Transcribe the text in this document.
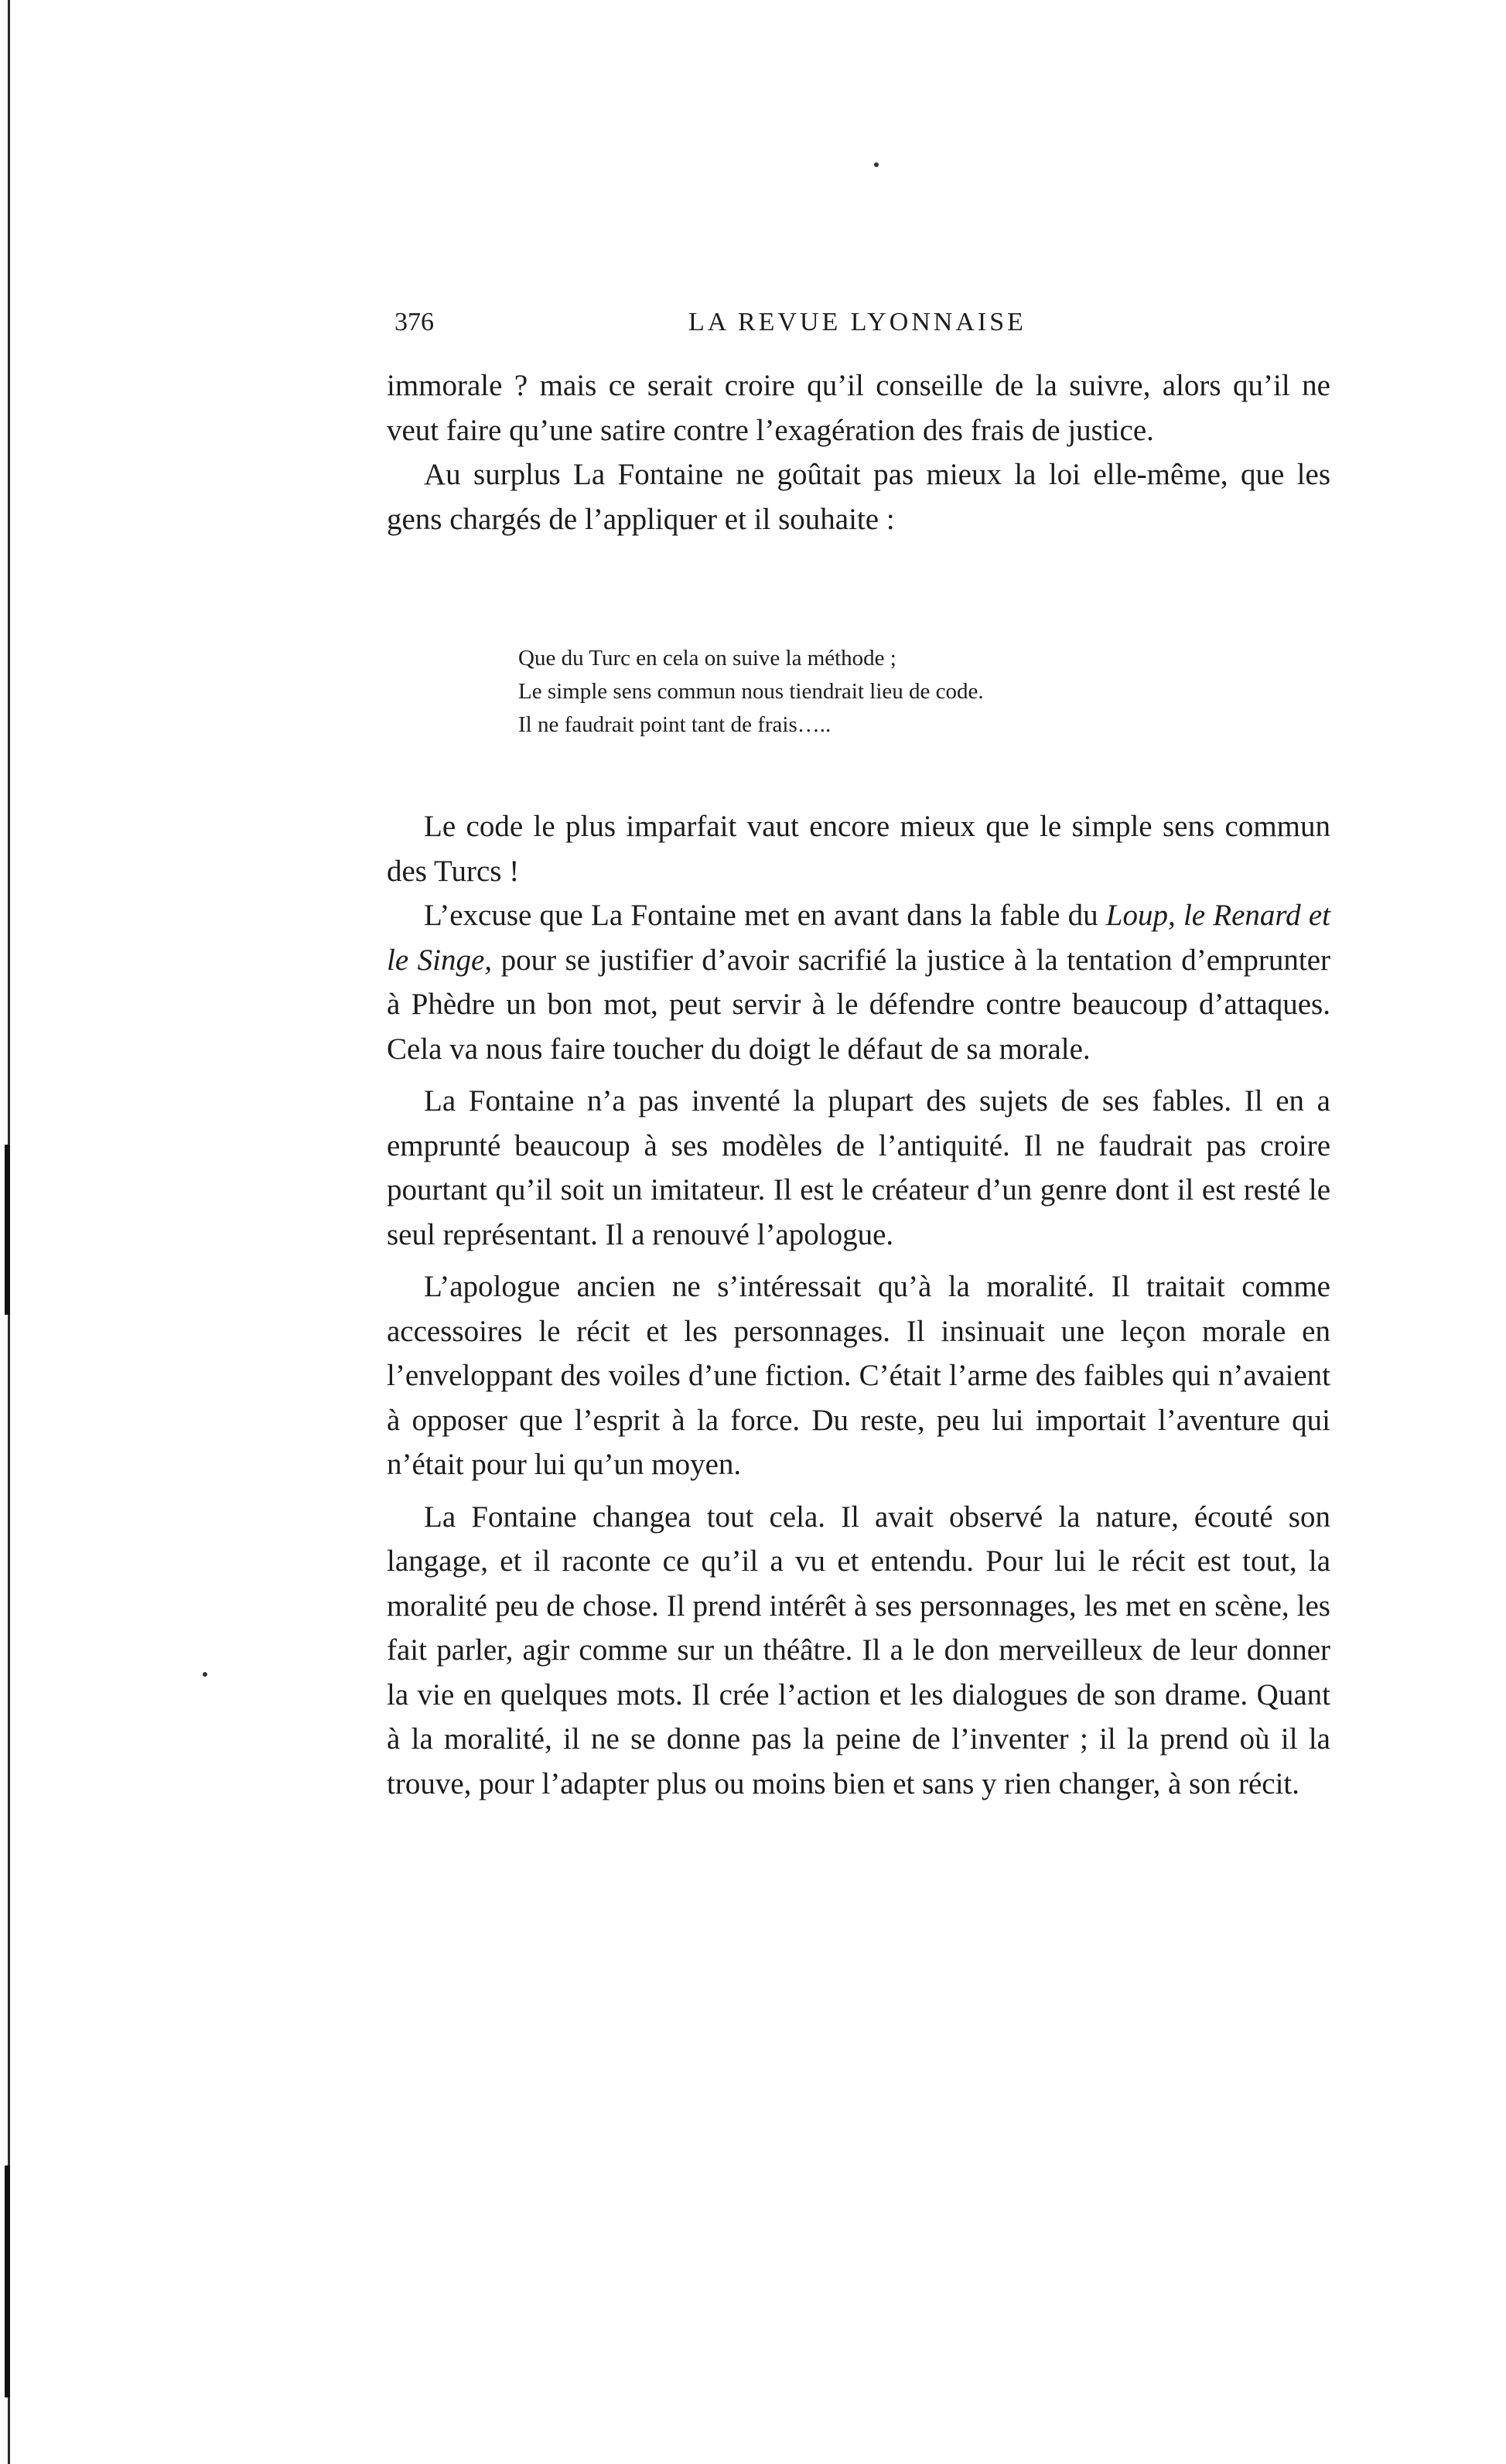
376	LA REVUE LYONNAISE

immorale ? mais ce serait croire qu’il conseille de la suivre, alors qu’il ne veut faire qu’une satire contre l’exagération des frais de justice.

Au surplus La Fontaine ne goûtait pas mieux la loi elle-même, que les gens chargés de l’appliquer et il souhaite :

Que du Turc en cela on suive la méthode ;
Le simple sens commun nous tiendrait lieu de code.
Il ne faudrait point tant de frais…..

Le code le plus imparfait vaut encore mieux que le simple sens commun des Turcs !

L’excuse que La Fontaine met en avant dans la fable du Loup, le Renard et le Singe, pour se justifier d’avoir sacrifié la justice à la tentation d’emprunter à Phèdre un bon mot, peut servir à le défendre contre beaucoup d’attaques. Cela va nous faire toucher du doigt le défaut de sa morale.

La Fontaine n’a pas inventé la plupart des sujets de ses fables. Il en a emprunté beaucoup à ses modèles de l’antiquité. Il ne faudrait pas croire pourtant qu’il soit un imitateur. Il est le créateur d’un genre dont il est resté le seul représentant. Il a renouvé l’apologue.

L’apologue ancien ne s’intéressait qu’à la moralité. Il traitait comme accessoires le récit et les personnages. Il insinuait une leçon morale en l’enveloppant des voiles d’une fiction. C’était l’arme des faibles qui n’avaient à opposer que l’esprit à la force. Du reste, peu lui importait l’aventure qui n’était pour lui qu’un moyen.

La Fontaine changea tout cela. Il avait observé la nature, écouté son langage, et il raconte ce qu’il a vu et entendu. Pour lui le récit est tout, la moralité peu de chose. Il prend intérêt à ses personnages, les met en scène, les fait parler, agir comme sur un théâtre. Il a le don merveilleux de leur donner la vie en quelques mots. Il crée l’action et les dialogues de son drame. Quant à la moralité, il ne se donne pas la peine de l’inventer ; il la prend où il la trouve, pour l’adapter plus ou moins bien et sans y rien changer, à son récit.
